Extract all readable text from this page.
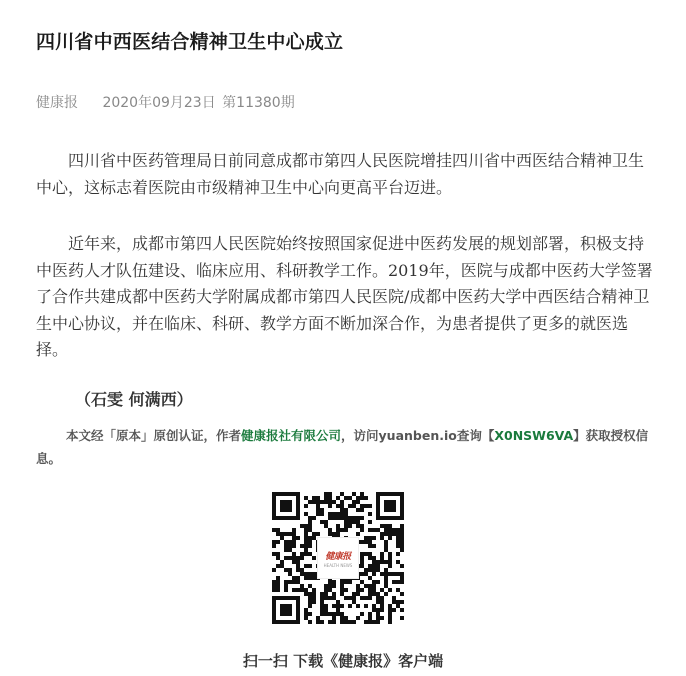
四川省中西医结合精神卫生中心成立
健康报 2020年09月23日 第11380期

四川省中医药管理局日前同意成都市第四人民医院增挂四川省中西医结合精神卫生中心，这标志着医院由市级精神卫生中心向更高平台迈进。

近年来，成都市第四人民医院始终按照国家促进中医药发展的规划部署，积极支持中医药人才队伍建设、临床应用、科研教学工作。2019年，医院与成都中医药大学签署了合作共建成都中医药大学附属成都市第四人民医院/成都中医药大学中西医结合精神卫生中心协议，并在临床、科研、教学方面不断加深合作，为患者提供了更多的就医选择。

（石雯 何满西）

本文经「原本」原创认证，作者健康报社有限公司，访问yuanben.io查询【X0NSW6VA】获取授权信息。

健康报
HEALTH NEWS
扫一扫 下载《健康报》客户端
